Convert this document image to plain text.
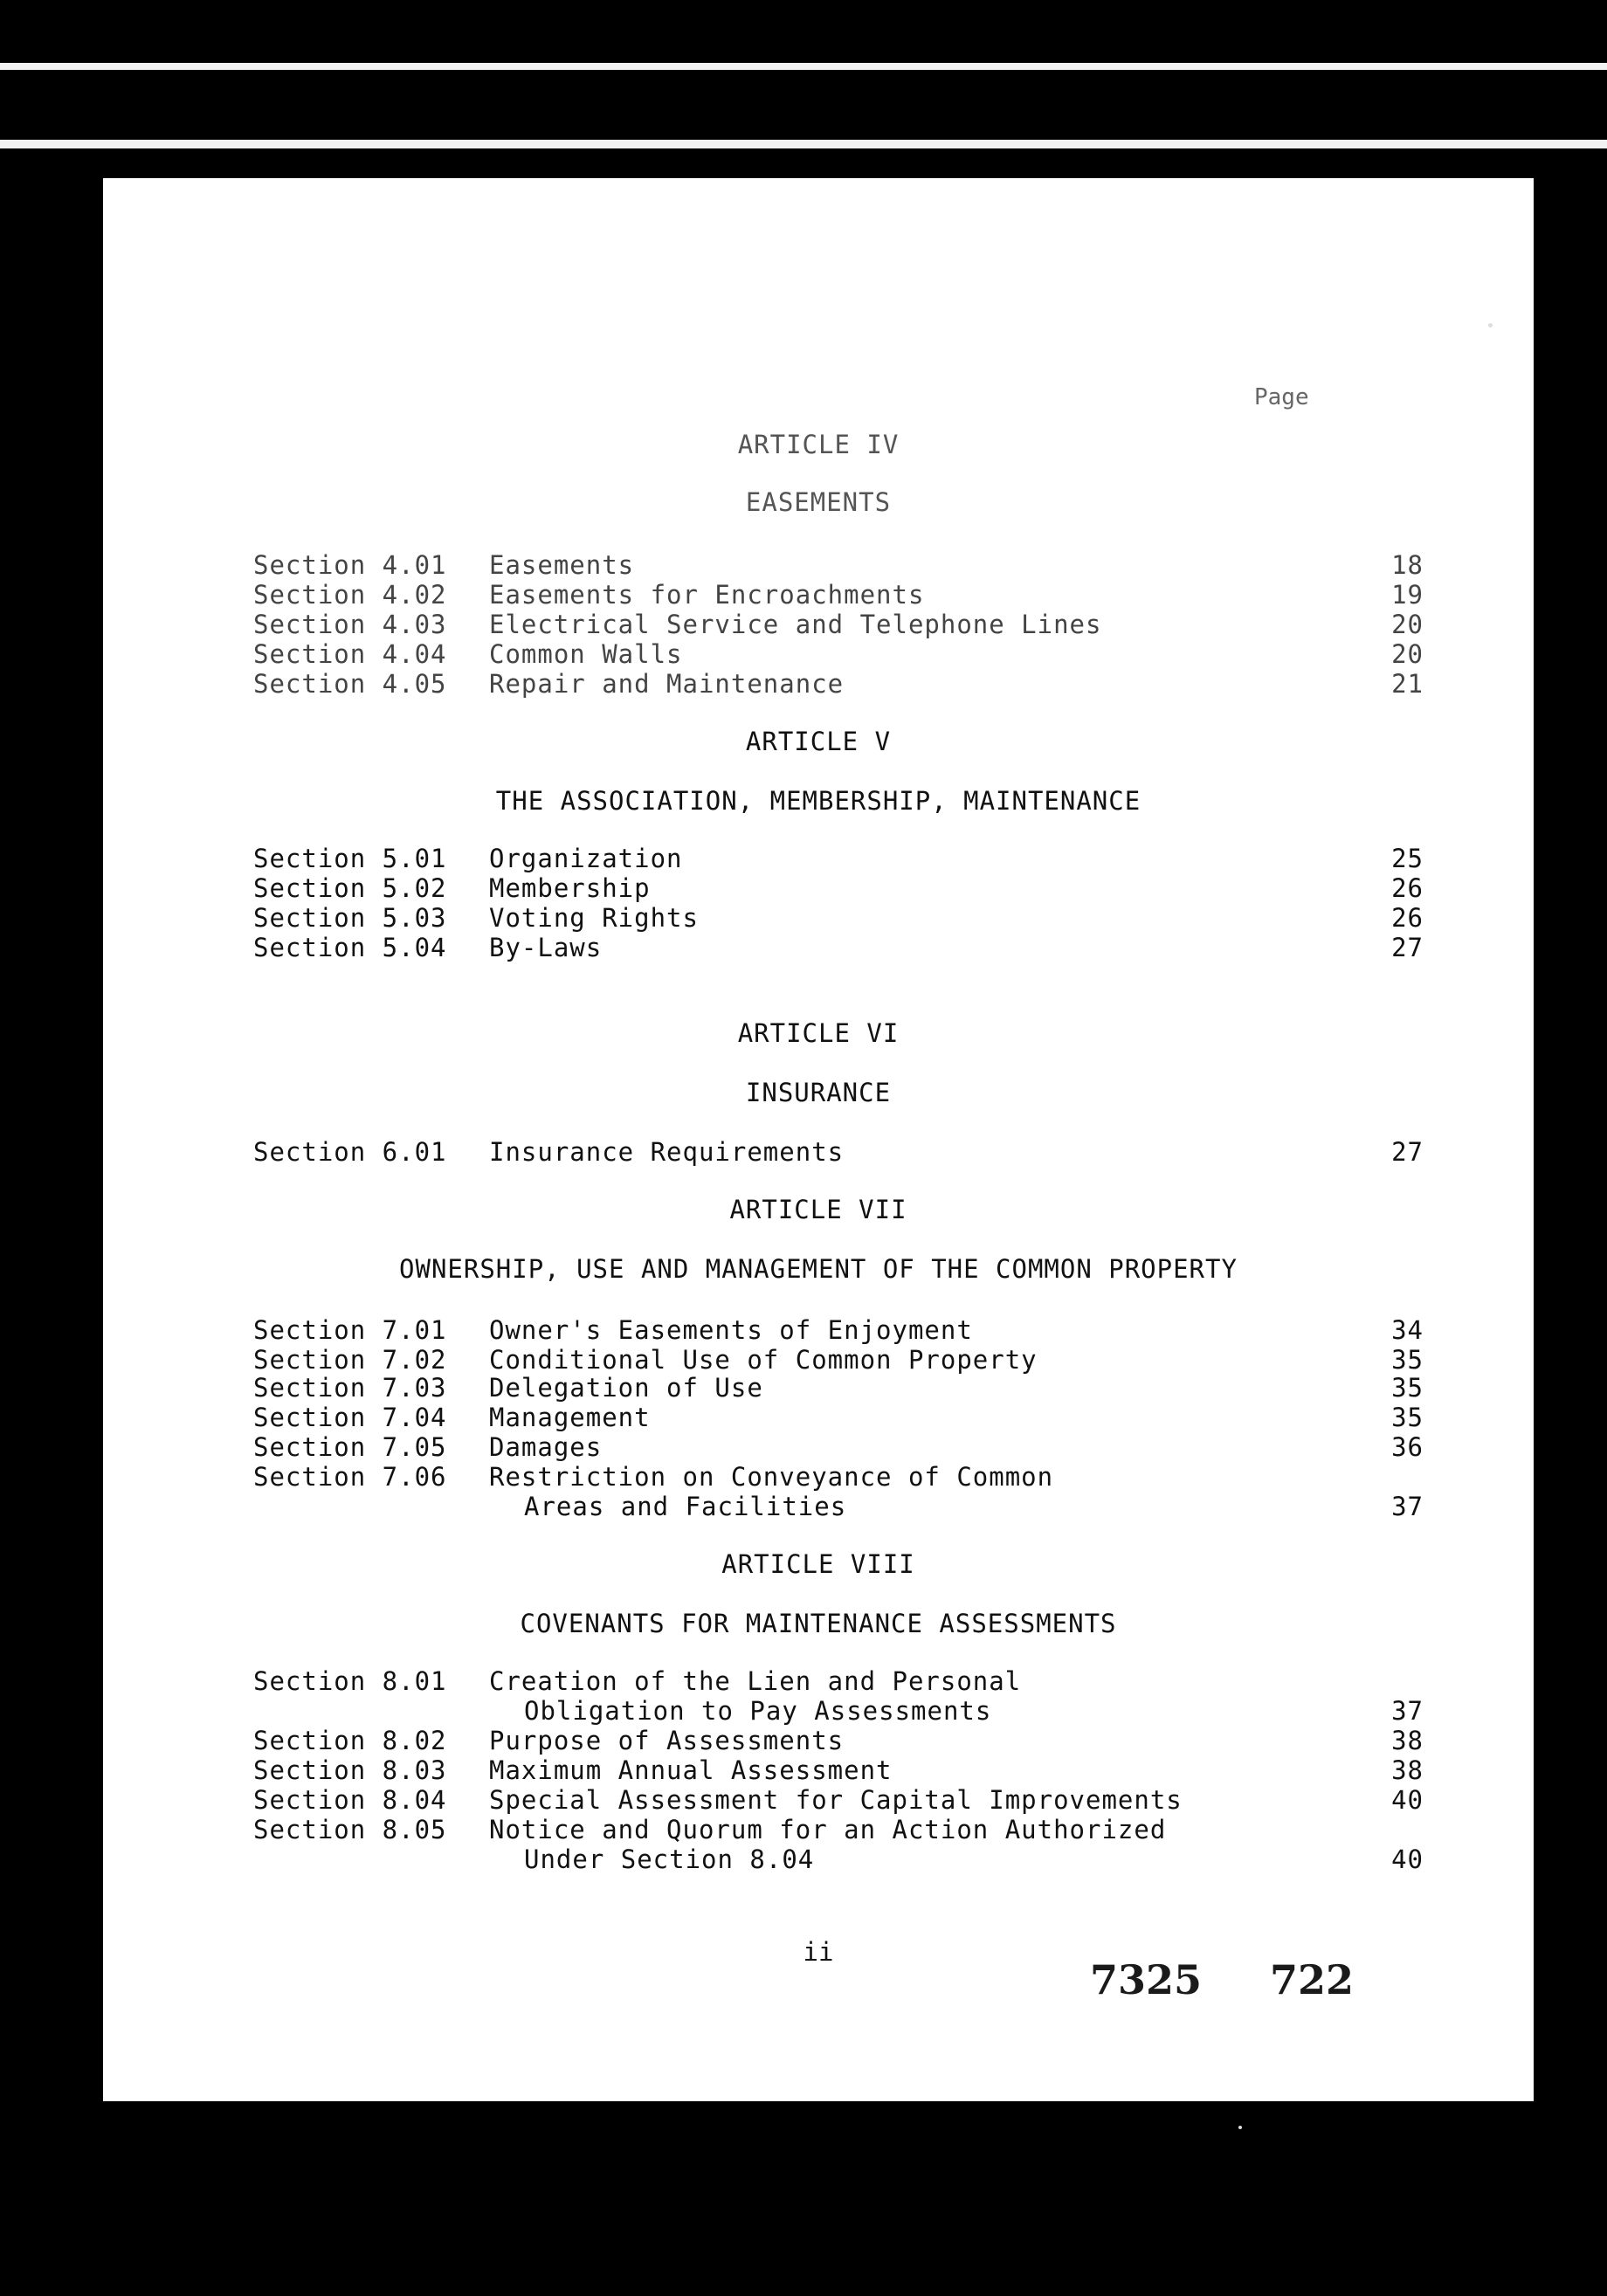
Page
ARTICLE IV
EASEMENTS
Section 4.01 Easements	18
Section 4.02 Easements for Encroachments	19
Section 4.03 Electrical Service and Telephone Lines	20
Section 4.04 Common Walls	20
Section 4.05 Repair and Maintenance	21
ARTICLE V
THE ASSOCIATION, MEMBERSHIP, MAINTENANCE
Section 5.01 Organization	25
Section 5.02 Membership	26
Section 5.03 Voting Rights	26
Section 5.04 By-Laws	27
ARTICLE VI
INSURANCE
Section 6.01 Insurance Requirements	27
ARTICLE VII
OWNERSHIP, USE AND MANAGEMENT OF THE COMMON PROPERTY
Section 7.01 Owner's Easements of Enjoyment	34
Section 7.02 Conditional Use of Common Property	35
Section 7.03 Delegation of Use	35
Section 7.04 Management	35
Section 7.05 Damages	36
Section 7.06 Restriction on Conveyance of Common
Areas and Facilities	37
ARTICLE VIII
COVENANTS FOR MAINTENANCE ASSESSMENTS
Section 8.01 Creation of the Lien and Personal
Obligation to Pay Assessments	37
Section 8.02 Purpose of Assessments	38
Section 8.03 Maximum Annual Assessment	38
Section 8.04 Special Assessment for Capital Improvements	40
Section 8.05 Notice and Quorum for an Action Authorized
Under Section 8.04	40
ii
7325 722
